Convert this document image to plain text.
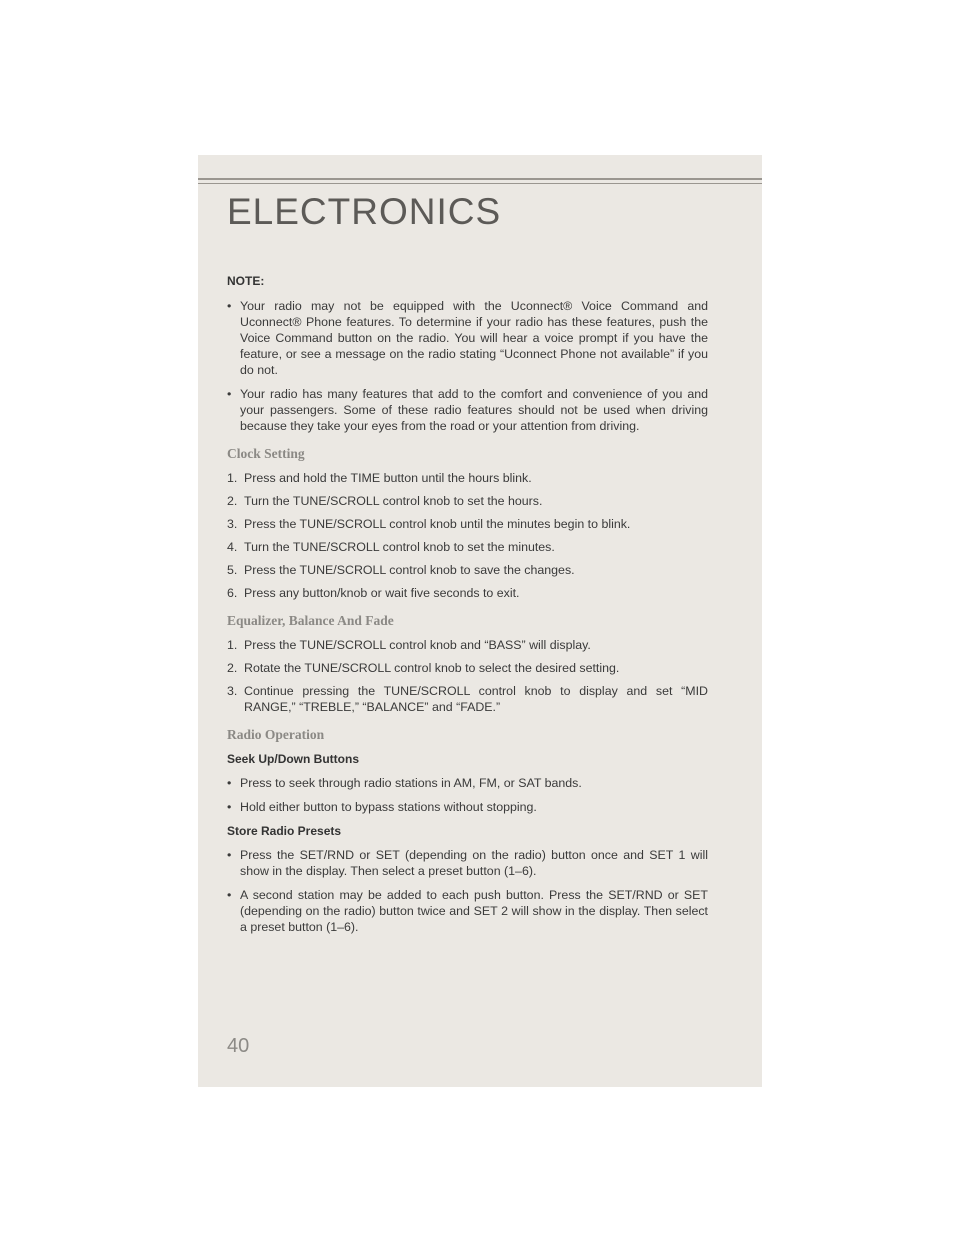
ELECTRONICS
NOTE:
• Your radio may not be equipped with the Uconnect® Voice Command and Uconnect® Phone features. To determine if your radio has these features, push the Voice Command button on the radio. You will hear a voice prompt if you have the feature, or see a message on the radio stating “Uconnect Phone not available” if you do not.
• Your radio has many features that add to the comfort and convenience of you and your passengers. Some of these radio features should not be used when driving because they take your eyes from the road or your attention from driving.
Clock Setting
1. Press and hold the TIME button until the hours blink.
2. Turn the TUNE/SCROLL control knob to set the hours.
3. Press the TUNE/SCROLL control knob until the minutes begin to blink.
4. Turn the TUNE/SCROLL control knob to set the minutes.
5. Press the TUNE/SCROLL control knob to save the changes.
6. Press any button/knob or wait five seconds to exit.
Equalizer, Balance And Fade
1. Press the TUNE/SCROLL control knob and “BASS” will display.
2. Rotate the TUNE/SCROLL control knob to select the desired setting.
3. Continue pressing the TUNE/SCROLL control knob to display and set “MID RANGE,” “TREBLE,” “BALANCE” and “FADE.”
Radio Operation
Seek Up/Down Buttons
• Press to seek through radio stations in AM, FM, or SAT bands.
• Hold either button to bypass stations without stopping.
Store Radio Presets
• Press the SET/RND or SET (depending on the radio) button once and SET 1 will show in the display. Then select a preset button (1–6).
• A second station may be added to each push button. Press the SET/RND or SET (depending on the radio) button twice and SET 2 will show in the display. Then select a preset button (1–6).
40
